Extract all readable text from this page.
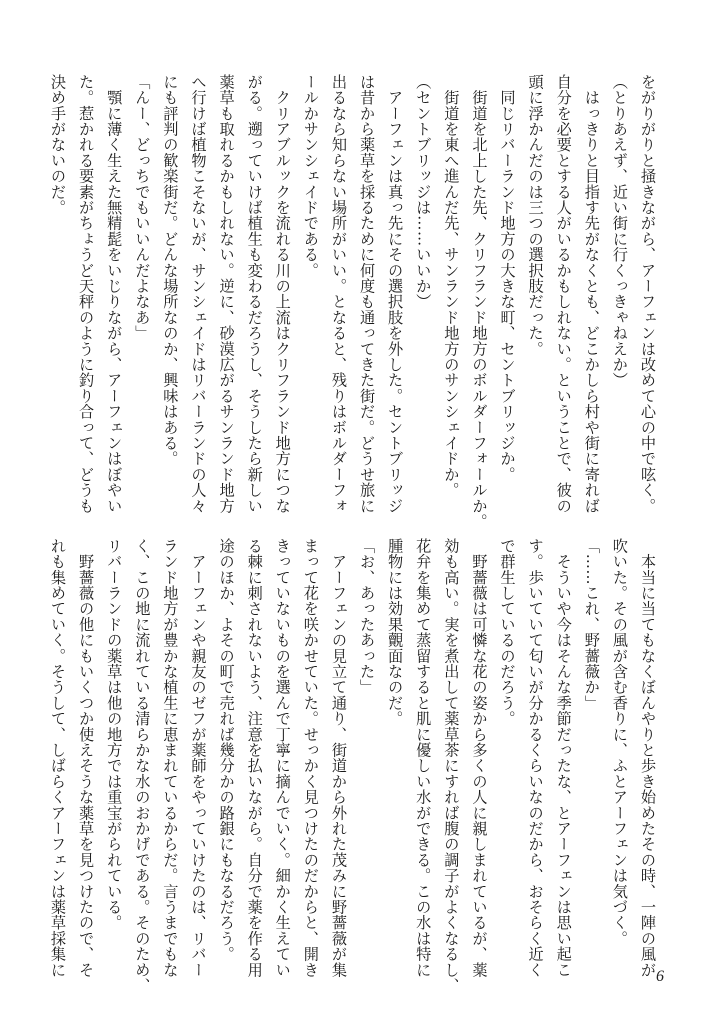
をがりがりと掻きながら、アーフェンは改めて心の中で呟く。
（とりあえず、近い街に行くっきゃねえか）
　はっきりと目指す先がなくとも、どこかしら村や街に寄れば
自分を必要とする人がいるかもしれない。ということで、彼の
頭に浮かんだのは三つの選択肢だった。
　同じリバーランド地方の大きな町、セントブリッジか。
　街道を北上した先、クリフランド地方のボルダーフォールか。
　街道を東へ進んだ先、サンランド地方のサンシェイドか。
（セントブリッジは……いいか）
　アーフェンは真っ先にその選択肢を外した。セントブリッジ
は昔から薬草を採るために何度も通ってきた街だ。どうせ旅に
出るなら知らない場所がいい。となると、残りはボルダーフォ
ールかサンシェイドである。
　クリアブルックを流れる川の上流はクリフランド地方につな
がる。遡っていけば植生も変わるだろうし、そうしたら新しい
薬草も取れるかもしれない。逆に、砂漠広がるサンランド地方
へ行けば植物こそないが、サンシェイドはリバーランドの人々
にも評判の歓楽街だ。どんな場所なのか、興味はある。
「んー、どっちでもいいんだよなあ」
　顎に薄く生えた無精髭をいじりながら、アーフェンはぼやい
た。惹かれる要素がちょうど天秤のように釣り合って、どうも
決め手がないのだ。
　本当に当てもなくぼんやりと歩き始めたその時、一陣の風が
吹いた。その風が含む香りに、ふとアーフェンは気づく。
「……これ、野薔薇か」
　そういや今はそんな季節だったな、とアーフェンは思い起こ
す。歩いていて匂いが分かるくらいなのだから、おそらく近く
で群生しているのだろう。
　野薔薇は可憐な花の姿から多くの人に親しまれているが、薬
効も高い。実を煮出して薬草茶にすれば腹の調子がよくなるし、
花弁を集めて蒸留すると肌に優しい水ができる。この水は特に
腫物には効果覿面なのだ。
「お、あったあった」
　アーフェンの見立て通り、街道から外れた茂みに野薔薇が集
まって花を咲かせていた。せっかく見つけたのだからと、開き
きっていないものを選んで丁寧に摘んでいく。細かく生えてい
る棘に刺されないよう、注意を払いながら。自分で薬を作る用
途のほか、よその町で売れば幾分かの路銀にもなるだろう。
　アーフェンや親友のゼフが薬師をやっていけたのは、リバー
ランド地方が豊かな植生に恵まれているからだ。言うまでもな
く、この地に流れている清らかな水のおかげである。そのため、
リバーランドの薬草は他の地方では重宝がられている。
　野薔薇の他にもいくつか使えそうな薬草を見つけたので、そ
れも集めていく。そうして、しばらくアーフェンは薬草採集に	6
